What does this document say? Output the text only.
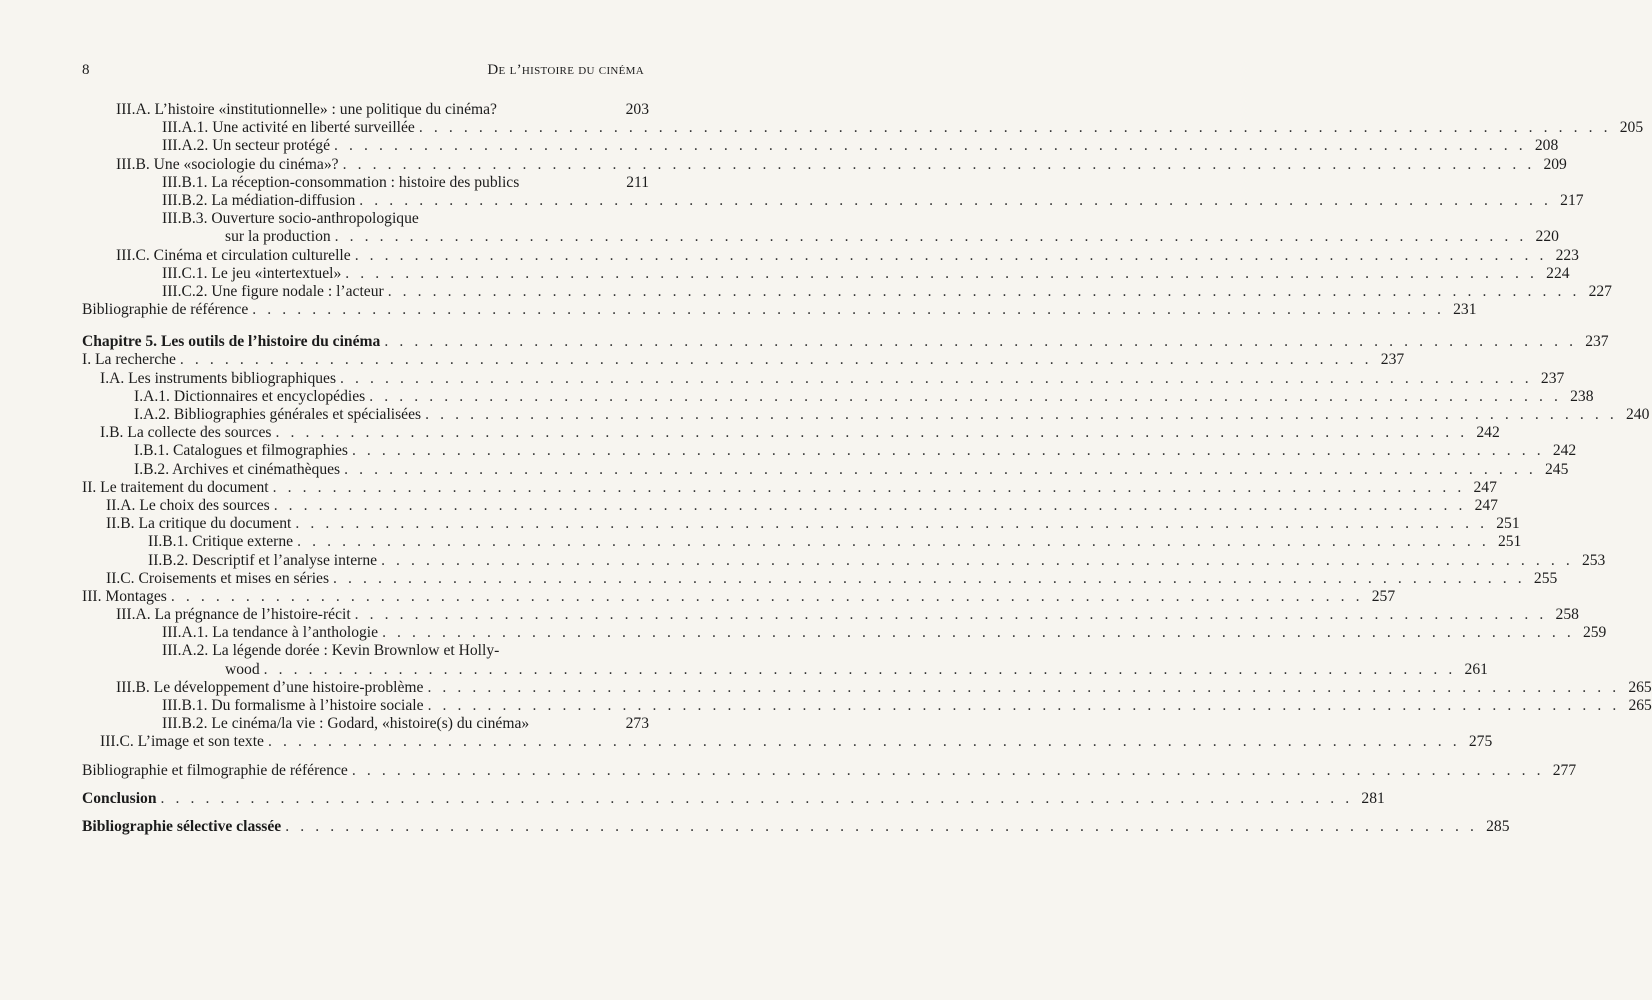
8	De l’histoire du cinéma
III.A. L’histoire «institutionnelle» : une politique du cinéma?	203
III.A.1. Une activité en liberté surveillée . . . . . . . . . . . . . . . . . . . . . . . . . . . . . . . . . . . . . . . . . . . . . . . . . . . . . . . . . . . . . . . . . . . . . . . . . . . . . . . . 205
III.A.2. Un secteur protégé . . . . . . . . . . . . . . . . . . . . . . . . . . . . . . . . . . . . . . . . . . . . . . . . . . . . . . . . . . . . . . . . . . . . . . . . . . . . . . . . 208
III.B. Une «sociologie du cinéma»? . . . . . . . . . . . . . . . . . . . . . . . . . . . . . . . . . . . . . . . . . . . . . . . . . . . . . . . . . . . . . . . . . . . . . . . . . . . . . . . . 209
III.B.1. La réception-consommation : histoire des publics	211
III.B.2. La médiation-diffusion . . . . . . . . . . . . . . . . . . . . . . . . . . . . . . . . . . . . . . . . . . . . . . . . . . . . . . . . . . . . . . . . . . . . . . . . . . . . . . . . 217
III.B.3. Ouverture socio-anthropologique
sur la production . . . . . . . . . . . . . . . . . . . . . . . . . . . . . . . . . . . . . . . . . . . . . . . . . . . . . . . . . . . . . . . . . . . . . . . . . . . . . . . . 220
III.C. Cinéma et circulation culturelle . . . . . . . . . . . . . . . . . . . . . . . . . . . . . . . . . . . . . . . . . . . . . . . . . . . . . . . . . . . . . . . . . . . . . . . . . . . . . . . . 223
III.C.1. Le jeu «intertextuel» . . . . . . . . . . . . . . . . . . . . . . . . . . . . . . . . . . . . . . . . . . . . . . . . . . . . . . . . . . . . . . . . . . . . . . . . . . . . . . . . 224
III.C.2. Une figure nodale : l’acteur . . . . . . . . . . . . . . . . . . . . . . . . . . . . . . . . . . . . . . . . . . . . . . . . . . . . . . . . . . . . . . . . . . . . . . . . . . . . . . . . 227
Bibliographie de référence . . . . . . . . . . . . . . . . . . . . . . . . . . . . . . . . . . . . . . . . . . . . . . . . . . . . . . . . . . . . . . . . . . . . . . . . . . . . . . . . 231
Chapitre 5. Les outils de l’histoire du cinéma . . . . . . . . . . . . . . . . . . . . . . . . . . . . . . . . . . . . . . . . . . . . . . . . . . . . . . . . . . . . . . . . . . . . . . . . . . . . . . . . 237
I. La recherche . . . . . . . . . . . . . . . . . . . . . . . . . . . . . . . . . . . . . . . . . . . . . . . . . . . . . . . . . . . . . . . . . . . . . . . . . . . . . . . . 237
I.A. Les instruments bibliographiques . . . . . . . . . . . . . . . . . . . . . . . . . . . . . . . . . . . . . . . . . . . . . . . . . . . . . . . . . . . . . . . . . . . . . . . . . . . . . . . . 237
I.A.1. Dictionnaires et encyclopédies . . . . . . . . . . . . . . . . . . . . . . . . . . . . . . . . . . . . . . . . . . . . . . . . . . . . . . . . . . . . . . . . . . . . . . . . . . . . . . . . 238
I.A.2. Bibliographies générales et spécialisées . . . . . . . . . . . . . . . . . . . . . . . . . . . . . . . . . . . . . . . . . . . . . . . . . . . . . . . . . . . . . . . . . . . . . . . . . . . . . . . . 240
I.B. La collecte des sources . . . . . . . . . . . . . . . . . . . . . . . . . . . . . . . . . . . . . . . . . . . . . . . . . . . . . . . . . . . . . . . . . . . . . . . . . . . . . . . . 242
I.B.1. Catalogues et filmographies . . . . . . . . . . . . . . . . . . . . . . . . . . . . . . . . . . . . . . . . . . . . . . . . . . . . . . . . . . . . . . . . . . . . . . . . . . . . . . . . 242
I.B.2. Archives et cinémathèques . . . . . . . . . . . . . . . . . . . . . . . . . . . . . . . . . . . . . . . . . . . . . . . . . . . . . . . . . . . . . . . . . . . . . . . . . . . . . . . . 245
II. Le traitement du document . . . . . . . . . . . . . . . . . . . . . . . . . . . . . . . . . . . . . . . . . . . . . . . . . . . . . . . . . . . . . . . . . . . . . . . . . . . . . . . . 247
II.A. Le choix des sources . . . . . . . . . . . . . . . . . . . . . . . . . . . . . . . . . . . . . . . . . . . . . . . . . . . . . . . . . . . . . . . . . . . . . . . . . . . . . . . . 247
II.B. La critique du document . . . . . . . . . . . . . . . . . . . . . . . . . . . . . . . . . . . . . . . . . . . . . . . . . . . . . . . . . . . . . . . . . . . . . . . . . . . . . . . . 251
II.B.1. Critique externe . . . . . . . . . . . . . . . . . . . . . . . . . . . . . . . . . . . . . . . . . . . . . . . . . . . . . . . . . . . . . . . . . . . . . . . . . . . . . . . . 251
II.B.2. Descriptif et l’analyse interne . . . . . . . . . . . . . . . . . . . . . . . . . . . . . . . . . . . . . . . . . . . . . . . . . . . . . . . . . . . . . . . . . . . . . . . . . . . . . . . . 253
II.C. Croisements et mises en séries . . . . . . . . . . . . . . . . . . . . . . . . . . . . . . . . . . . . . . . . . . . . . . . . . . . . . . . . . . . . . . . . . . . . . . . . . . . . . . . . 255
III. Montages . . . . . . . . . . . . . . . . . . . . . . . . . . . . . . . . . . . . . . . . . . . . . . . . . . . . . . . . . . . . . . . . . . . . . . . . . . . . . . . . 257
III.A. La prégnance de l’histoire-récit . . . . . . . . . . . . . . . . . . . . . . . . . . . . . . . . . . . . . . . . . . . . . . . . . . . . . . . . . . . . . . . . . . . . . . . . . . . . . . . . 258
III.A.1. La tendance à l’anthologie . . . . . . . . . . . . . . . . . . . . . . . . . . . . . . . . . . . . . . . . . . . . . . . . . . . . . . . . . . . . . . . . . . . . . . . . . . . . . . . . 259
III.A.2. La légende dorée : Kevin Brownlow et Holly-
wood . . . . . . . . . . . . . . . . . . . . . . . . . . . . . . . . . . . . . . . . . . . . . . . . . . . . . . . . . . . . . . . . . . . . . . . . . . . . . . . . 261
III.B. Le développement d’une histoire-problème . . . . . . . . . . . . . . . . . . . . . . . . . . . . . . . . . . . . . . . . . . . . . . . . . . . . . . . . . . . . . . . . . . . . . . . . . . . . . . . . 265
III.B.1. Du formalisme à l’histoire sociale . . . . . . . . . . . . . . . . . . . . . . . . . . . . . . . . . . . . . . . . . . . . . . . . . . . . . . . . . . . . . . . . . . . . . . . . . . . . . . . . 265
III.B.2. Le cinéma/la vie : Godard, «histoire(s) du cinéma»	273
III.C. L’image et son texte . . . . . . . . . . . . . . . . . . . . . . . . . . . . . . . . . . . . . . . . . . . . . . . . . . . . . . . . . . . . . . . . . . . . . . . . . . . . . . . . 275
Bibliographie et filmographie de référence . . . . . . . . . . . . . . . . . . . . . . . . . . . . . . . . . . . . . . . . . . . . . . . . . . . . . . . . . . . . . . . . . . . . . . . . . . . . . . . . 277
Conclusion . . . . . . . . . . . . . . . . . . . . . . . . . . . . . . . . . . . . . . . . . . . . . . . . . . . . . . . . . . . . . . . . . . . . . . . . . . . . . . . . 281
Bibliographie sélective classée . . . . . . . . . . . . . . . . . . . . . . . . . . . . . . . . . . . . . . . . . . . . . . . . . . . . . . . . . . . . . . . . . . . . . . . . . . . . . . . . 285
